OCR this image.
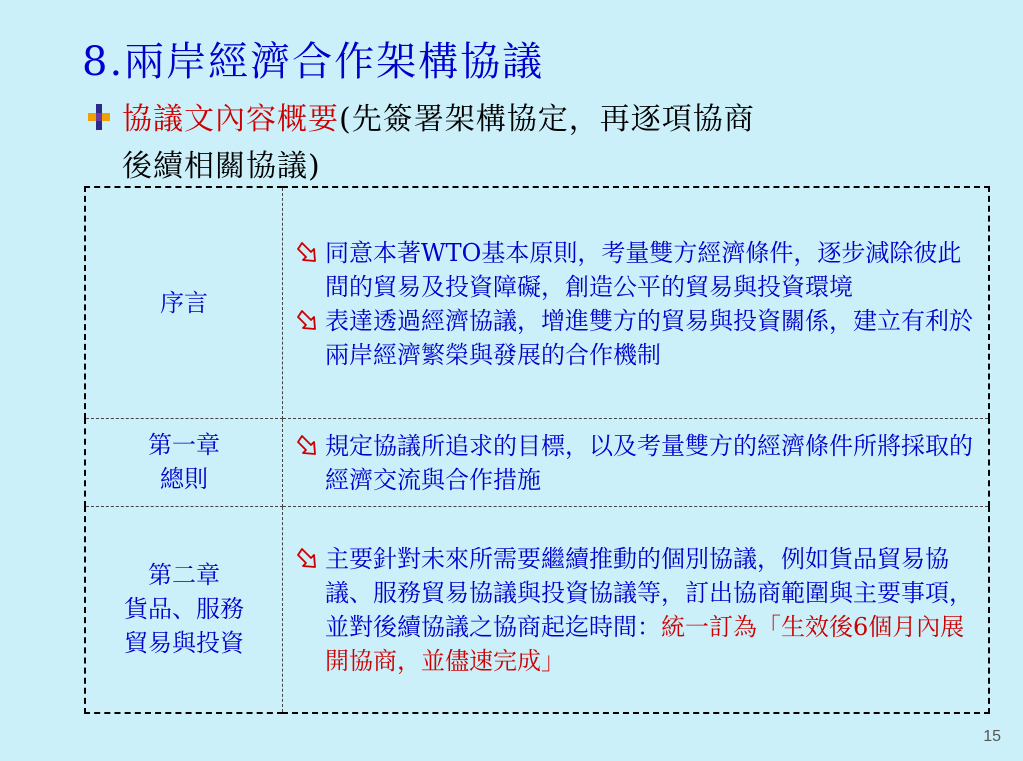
8.兩岸經濟合作架構協議
協議文內容概要(先簽署架構協定，再逐項協商
後續相關協議)
序言	同意本著WTO基本原則，考量雙方經濟條件，逐步減除彼此間的貿易及投資障礙，創造公平的貿易與投資環境
表達透過經濟協議，增進雙方的貿易與投資關係，建立有利於兩岸經濟繁榮與發展的合作機制

第一章
總則	規定協議所追求的目標，以及考量雙方的經濟條件所將採取的經濟交流與合作措施

第二章
貨品、服務
貿易與投資	主要針對未來所需要繼續推動的個別協議，例如貨品貿易協議、服務貿易協議與投資協議等，訂出協商範圍與主要事項，並對後續協議之協商起迄時間：統一訂為「生效後6個月內展開協商，並儘速完成」
15
